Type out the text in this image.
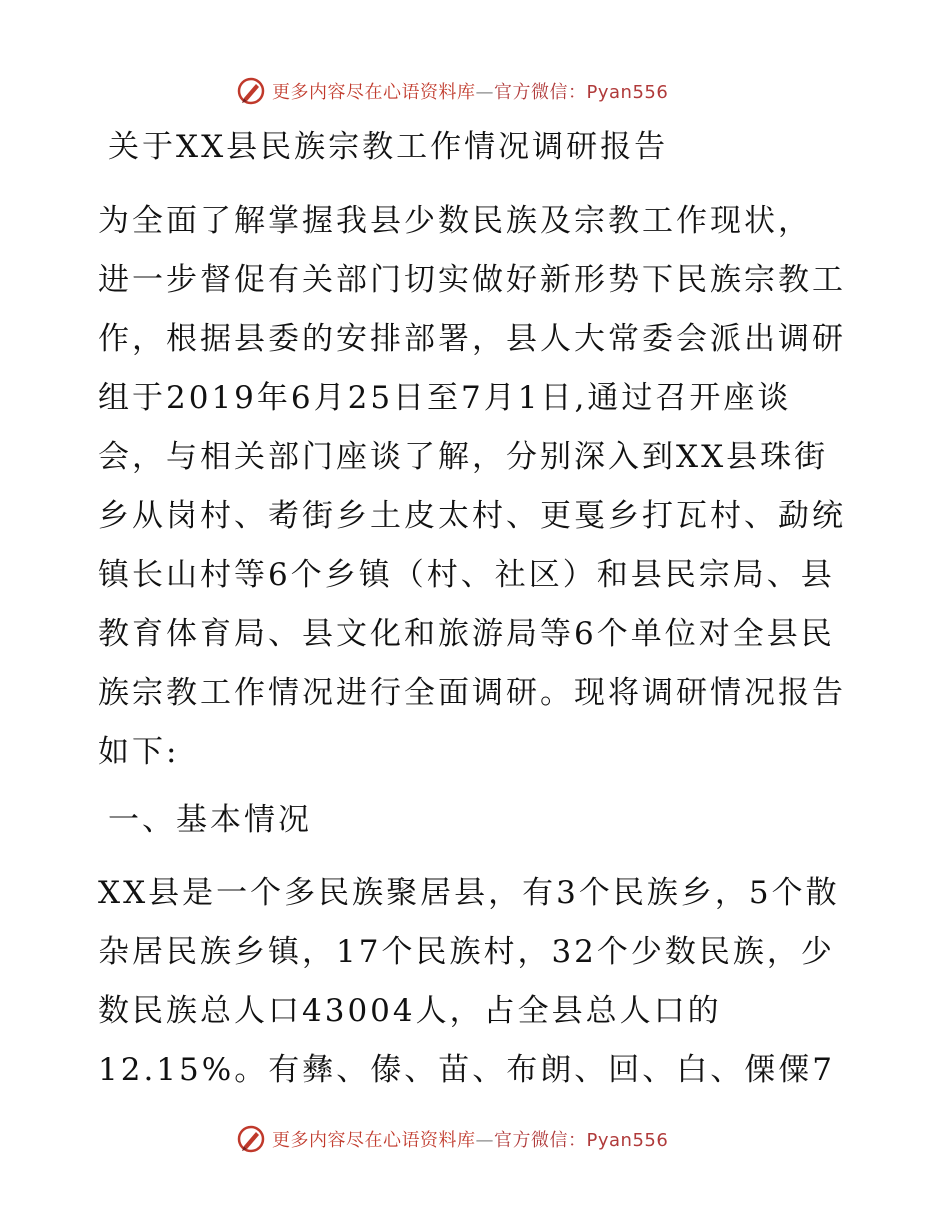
更多内容尽在心语资料库—官方微信：Pyan556
关于XX县民族宗教工作情况调研报告
为全面了解掌握我县少数民族及宗教工作现状，
进一步督促有关部门切实做好新形势下民族宗教工
作，根据县委的安排部署，县人大常委会派出调研
组于2019年6月25日至7月1日,通过召开座谈
会，与相关部门座谈了解，分别深入到XX县珠街
乡从岗村、耇街乡土皮太村、更戛乡打瓦村、勐统
镇长山村等6个乡镇（村、社区）和县民宗局、县
教育体育局、县文化和旅游局等6个单位对全县民
族宗教工作情况进行全面调研。现将调研情况报告
如下:
一、基本情况
XX县是一个多民族聚居县，有3个民族乡，5个散
杂居民族乡镇，17个民族村，32个少数民族，少
数民族总人口43004人，占全县总人口的
12.15%。有彝、傣、苗、布朗、回、白、傈僳7
更多内容尽在心语资料库—官方微信：Pyan556
